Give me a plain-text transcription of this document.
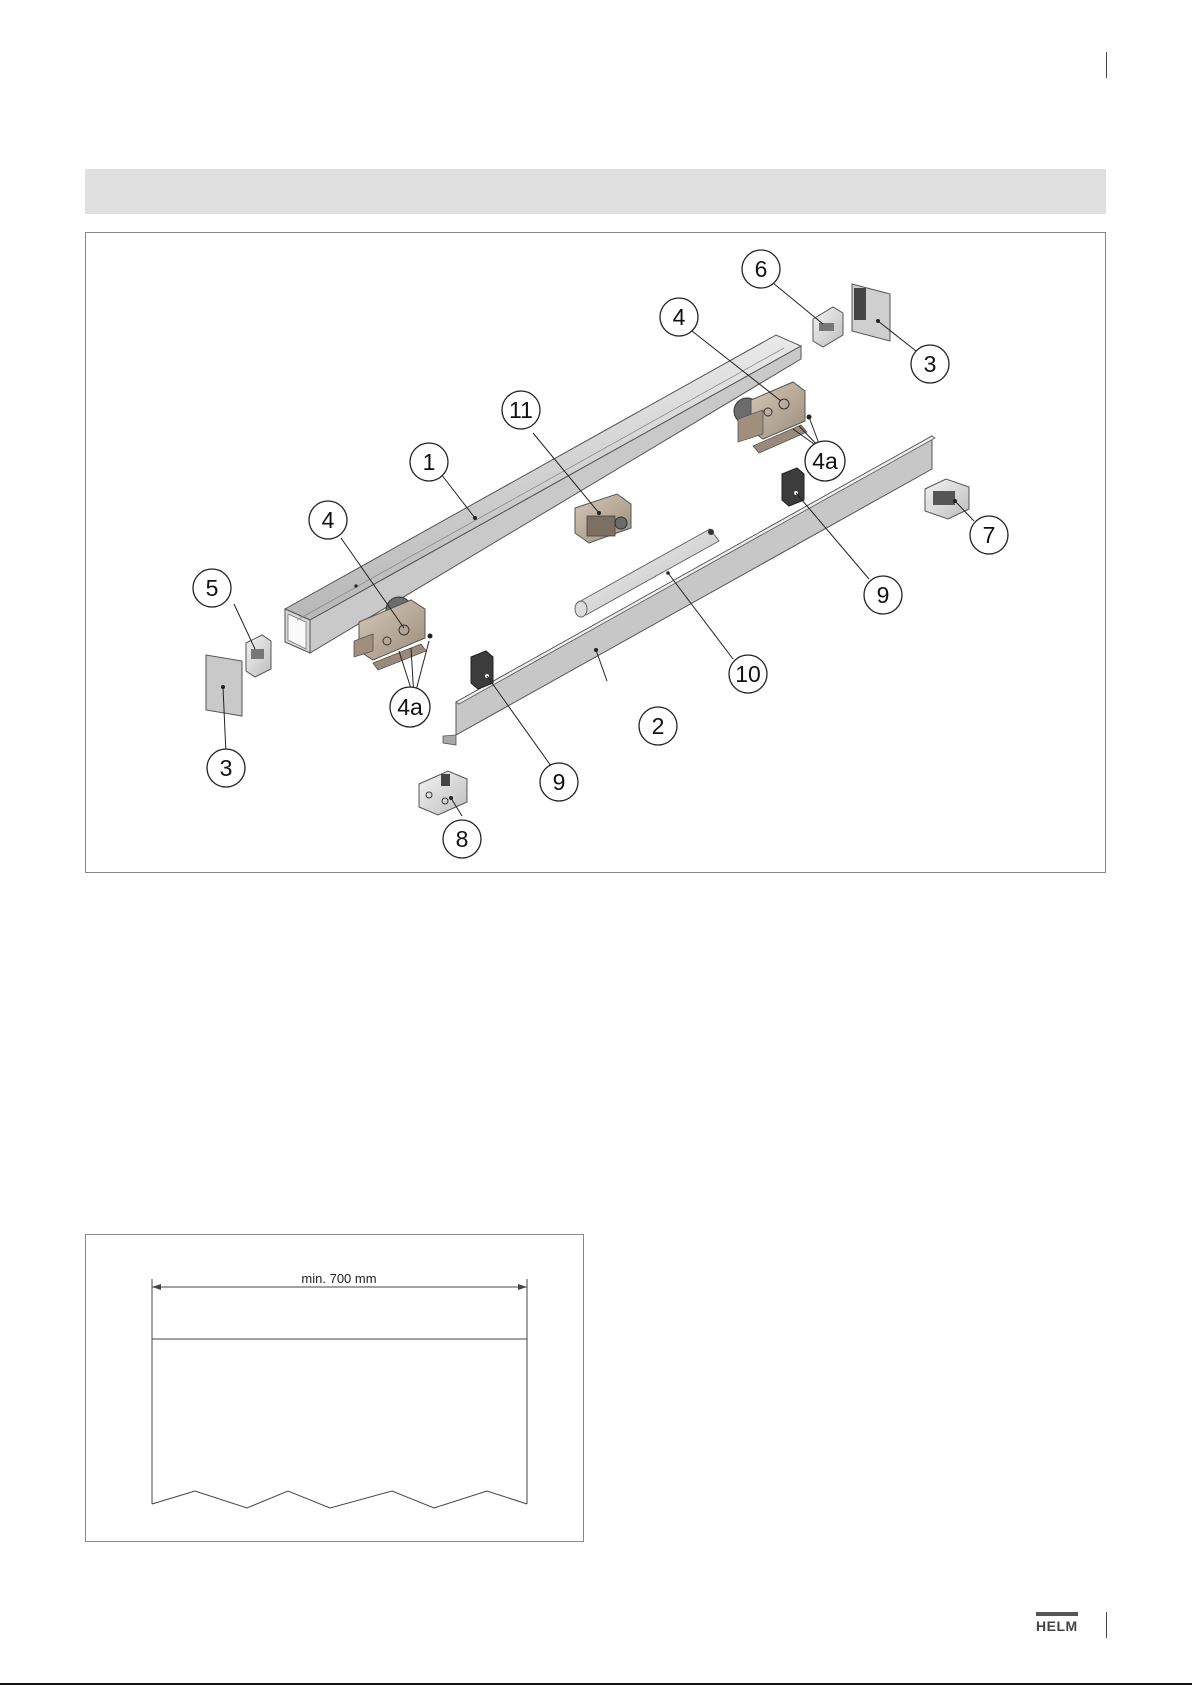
1
2
3
3
4
4
4a
4a
5
6
7
8
9
9
10
11
min. 700 mm
HELM
